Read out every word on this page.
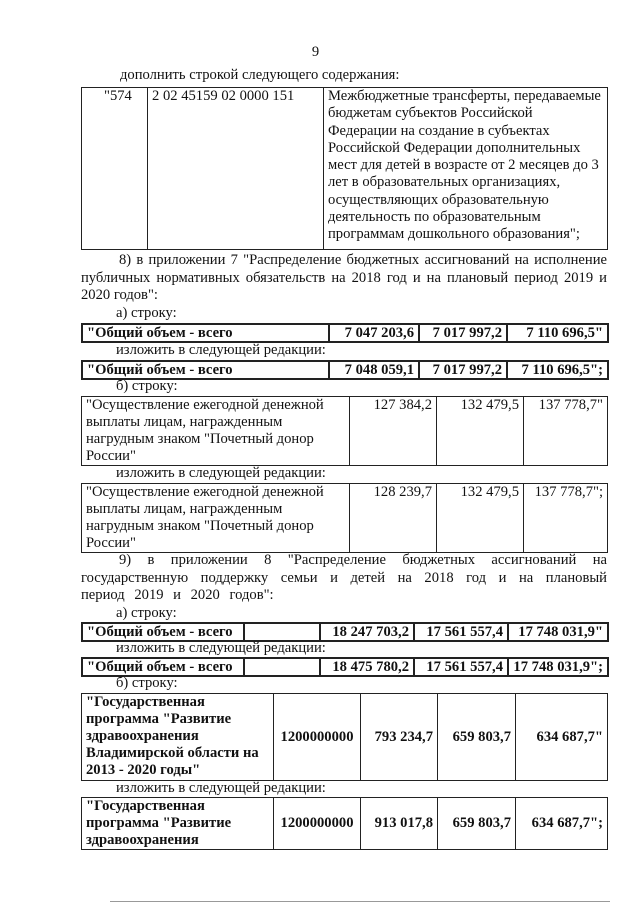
9
дополнить строкой следующего содержания:
"574	2 02 45159 02 0000 151	Межбюджетные трансферты, передаваемые бюджетам субъектов Российской Федерации на создание в субъектах Российской Федерации дополнительных мест для детей в возрасте от 2 месяцев до 3 лет в образовательных организациях, осуществляющих образовательную деятельность по образовательным программам дошкольного образования";
8) в приложении 7 "Распределение бюджетных ассигнований на исполнение публичных нормативных обязательств на 2018 год и на плановый период 2019 и 2020 годов":
а) строку:
"Общий объем - всего	7 047 203,6	7 017 997,2	7 110 696,5"
изложить в следующей редакции:
"Общий объем - всего	7 048 059,1	7 017 997,2	7 110 696,5";
б) строку:
"Осуществление ежегодной денежной выплаты лицам, награжденным нагрудным знаком "Почетный донор России"	127 384,2	132 479,5	137 778,7"
изложить в следующей редакции:
"Осуществление ежегодной денежной выплаты лицам, награжденным нагрудным знаком "Почетный донор России"	128 239,7	132 479,5	137 778,7";
9) в приложении 8 "Распределение бюджетных ассигнований на государственную поддержку семьи и детей на 2018 год и на плановый период 2019 и 2020 годов":
а) строку:
"Общий объем - всего		18 247 703,2	17 561 557,4	17 748 031,9"
изложить в следующей редакции:
"Общий объем - всего		18 475 780,2	17 561 557,4	17 748 031,9";
б) строку:
"Государственная программа "Развитие здравоохранения Владимирской области на 2013 - 2020 годы"	1200000000	793 234,7	659 803,7	634 687,7"
изложить в следующей редакции:
"Государственная программа "Развитие здравоохранения	1200000000	913 017,8	659 803,7	634 687,7";
